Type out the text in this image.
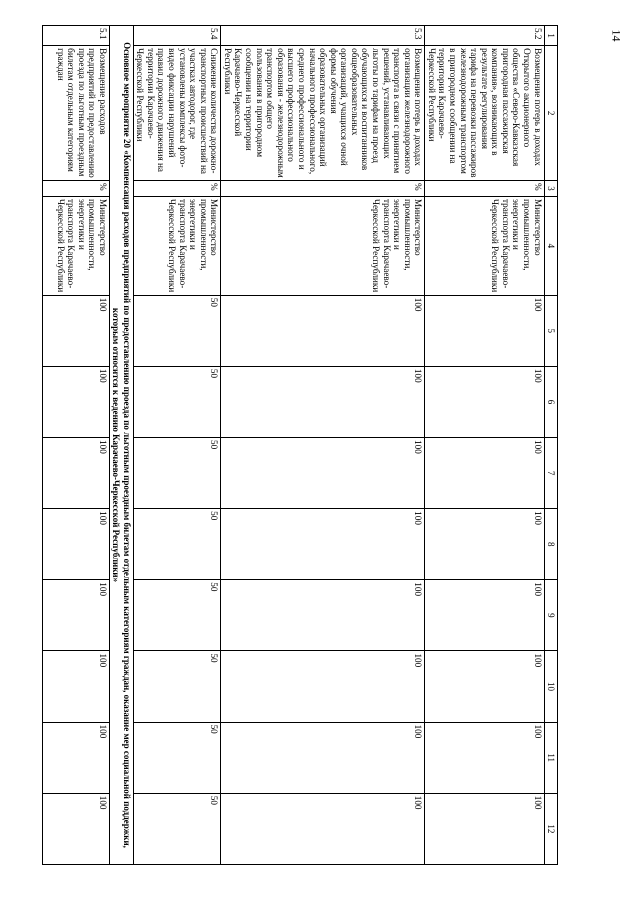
14
1	2	3	4	5	6	7	8	9	10	11	12
5.2	Возмещение потерь в доходах Открытого акционерного общества «Северо-Кавказская пригородная пассажирская компания», возникающих в результате регулирования тарифа на перевозки пассажиров железнодорожным транспортом в пригородном сообщении на территории Карачаево-Черкесской Республики	%	Министерство промышленности, энергетики и транспорта Карачаево-Черкесской Республики	100	100	100	100	100	100	100	100
5.3	Возмещение потерь в доходах организации железнодорожного транспорта в связи с принятием решений, устанавливающих льготы по тарифам на проезд обучающихся и воспитанников общеобразовательных организаций, учащихся очной формы обучения образовательных организаций начального профессионального, среднего профессионального и высшего профессионального образования - железнодорожным транспортом общего пользования в пригородном сообщении на территории Карачаево-Черкесской Республики	%	Министерство промышленности, энергетики и транспорта Карачаево-Черкесской Республики	100	100	100	100	100	100	100	100
5.4	Снижение количества дорожно-транспортных происшествий на участках автодорог, где установлены комплексы фото-видео фиксации нарушений правил дорожного движения на территории Карачаево-Черкесской Республики	%	Министерство промышленности, энергетики и транспорта Карачаево-Черкесской Республики	50	50	50	50	50	50	50	50
Основное мероприятие 20 «Компенсация расходов предприятий по предоставлению проезда по льготным проездным билетам отдельным категориям граждан, оказание мер социальной поддержки, которым относится к ведению Карачаево-Черкесской Республики»											
5.1	Возмещение расходов предприятий по предоставлению проезда по льготным проездным билетам отдельным категориям граждан	%	Министерство промышленности, энергетики и транспорта Карачаево-Черкесской Республики	100	100	100	100	100	100	100	100
